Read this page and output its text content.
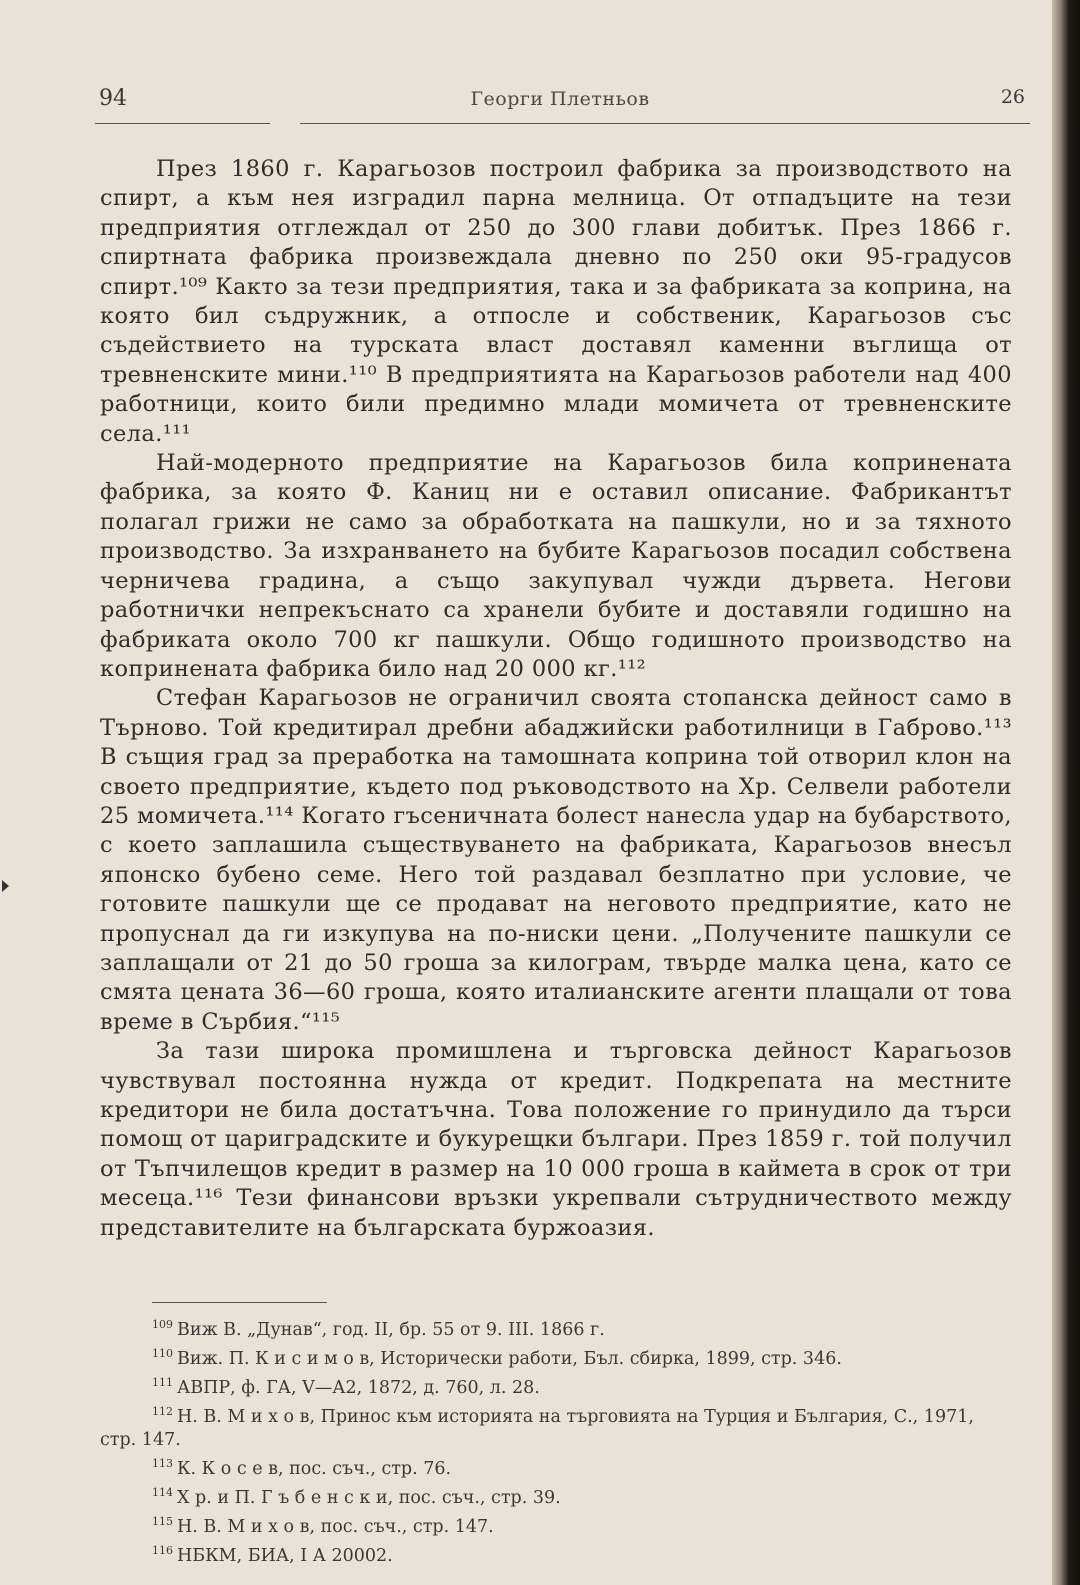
94	Георги Плетньов	26

През 1860 г. Карагьозов построил фабрика за производството на спирт, а към нея изградил парна мелница. От отпадъците на тези предприятия отглеждал от 250 до 300 глави добитък. През 1866 г. спиртната фабрика произвеждала дневно по 250 оки 95-градусов спирт.¹⁰⁹ Както за тези предприятия, така и за фабриката за коприна, на която бил съдружник, а отпосле и собственик, Карагьозов със съдействието на турската власт доставял каменни въглища от тревненските мини.¹¹⁰ В предприятията на Карагьозов работели над 400 работници, които били предимно млади момичета от тревненските села.¹¹¹

Най-модерното предприятие на Карагьозов била копринената фабрика, за която Ф. Каниц ни е оставил описание. Фабрикантът полагал грижи не само за обработката на пашкули, но и за тяхното производство. За изхранването на бубите Карагьозов посадил собствена черничева градина, а също закупувал чужди дървета. Негови работнички непрекъснато са хранели бубите и доставяли годишно на фабриката около 700 кг пашкули. Общо годишното производство на копринената фабрика било над 20 000 кг.¹¹²

Стефан Карагьозов не ограничил своята стопанска дейност само в Търново. Той кредитирал дребни абаджийски работилници в Габрово.¹¹³ В същия град за преработка на тамошната коприна той отворил клон на своето предприятие, където под ръководството на Хр. Селвели работели 25 момичета.¹¹⁴ Когато гъсеничната болест нанесла удар на бубарството, с което заплашила съществуването на фабриката, Карагьозов внесъл японско бубено семе. Него той раздавал безплатно при условие, че готовите пашкули ще се продават на неговото предприятие, като не пропуснал да ги изкупува на по-ниски цени. „Получените пашкули се заплащали от 21 до 50 гроша за килограм, твърде малка цена, като се смята цената 36—60 гроша, която италианските агенти плащали от това време в Сърбия.“¹¹⁵

За тази широка промишлена и търговска дейност Карагьозов чувствувал постоянна нужда от кредит. Подкрепата на местните кредитори не била достатъчна. Това положение го принудило да търси помощ от цариградските и букурещки българи. През 1859 г. той получил от Тъпчилещов кредит в размер на 10 000 гроша в каймета в срок от три месеца.¹¹⁶ Тези финансови връзки укрепвали сътрудничеството между представителите на българската буржоазия.

$^{109}$ Виж В. „Дунав“, год. II, бр. 55 от 9. III. 1866 г.

$^{110}$ Виж. П. К и с и м о в, Исторически работи, Бъл. сбирка, 1899, стр. 346.

$^{111}$ АВПР, ф. ГА, V—А2, 1872, д. 760, л. 28.

$^{112}$ Н. В. М и х о в, Принос към историята на търговията на Турция и България, С., 1971, стр. 147.

$^{113}$ К. К о с е в, пос. съч., стр. 76.

$^{114}$ Х р. и П. Г ъ б е н с к и, пос. съч., стр. 39.

$^{115}$ Н. В. М и х о в, пос. съч., стр. 147.

$^{116}$ НБКМ, БИА, I А 20002.
